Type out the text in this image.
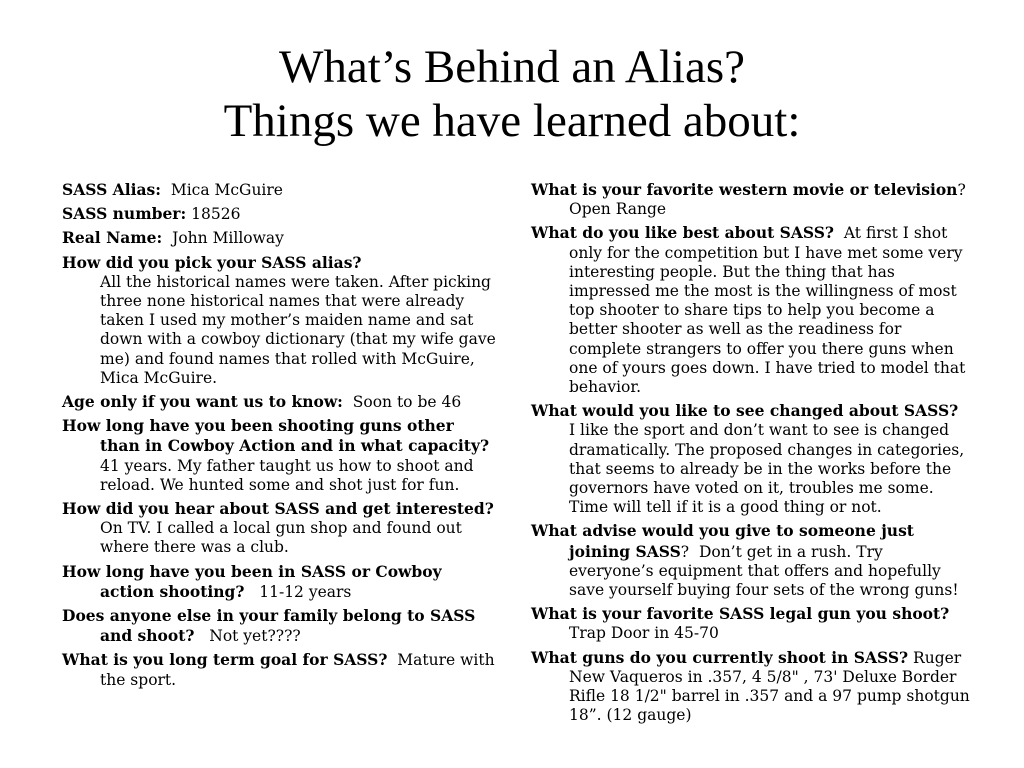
What’s Behind an Alias?
Things we have learned about:

SASS Alias: Mica McGuire

SASS number: 18526

Real Name: John Milloway

How did you pick your SASS alias?
All the historical names were taken. After picking three none historical names that were already taken I used my mother’s maiden name and sat down with a cowboy dictionary (that my wife gave me) and found names that rolled with McGuire, Mica McGuire.

Age only if you want us to know: Soon to be 46

How long have you been shooting guns other than in Cowboy Action and in what capacity?  41 years. My father taught us how to shoot and reload. We hunted some and shot just for fun.

How did you hear about SASS and get interested? On TV. I called a local gun shop and found out where there was a club.

How long have you been in SASS or Cowboy action shooting? 11-12 years

Does anyone else in your family belong to SASS and shoot? Not yet????

What is you long term goal for SASS? Mature with the sport.

What is your favorite western movie or television? Open Range

What do you like best about SASS? At first I shot only for the competition but I have met some very interesting people. But the thing that has impressed me the most is the willingness of most top shooter to share tips to help you become a better shooter as well as the readiness for complete strangers to offer you there guns when one of yours goes down. I have tried to model that behavior.

What would you like to see changed about SASS?  I like the sport and don’t want to see is changed dramatically. The proposed changes in categories, that seems to already be in the works before the governors have voted on it, troubles me some. Time will tell if it is a good thing or not.

What advise would you give to someone just joining SASS? Don’t get in a rush. Try everyone’s equipment that offers and hopefully save yourself buying four sets of the wrong guns!

What is your favorite SASS legal gun you shoot? Trap Door in 45-70

What guns do you currently shoot in SASS? Ruger New Vaqueros in .357, 4 5/8" , 73' Deluxe Border Rifle 18 1/2" barrel in .357 and a 97 pump shotgun 18”. (12 gauge)
